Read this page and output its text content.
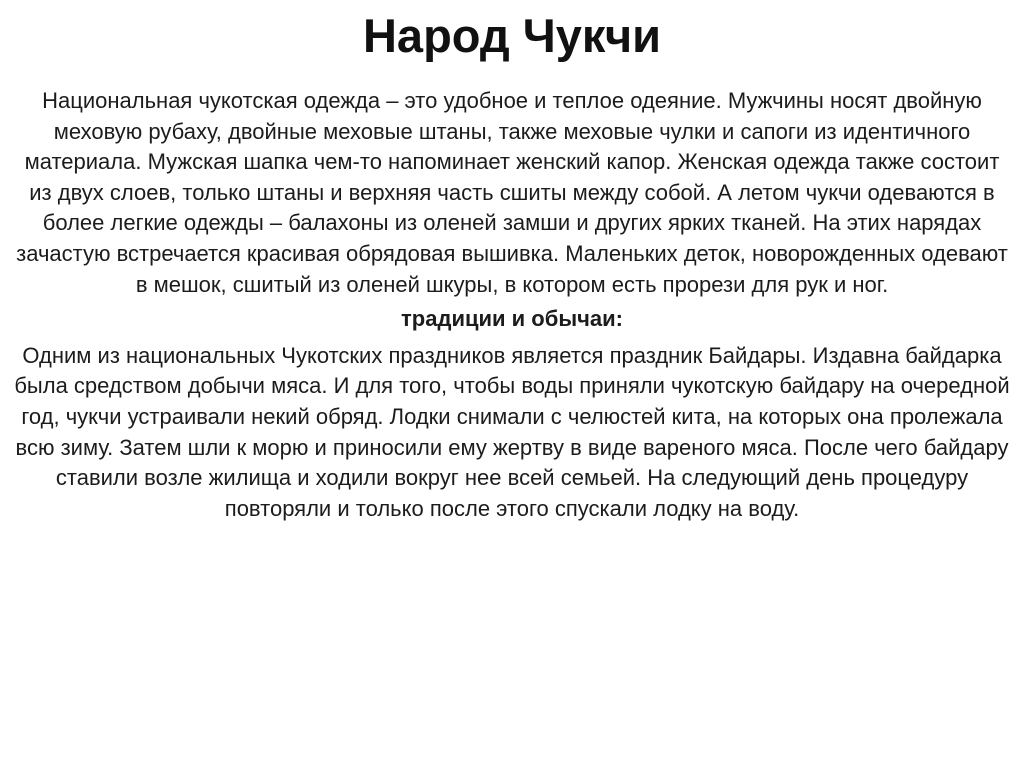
Народ Чукчи

Национальная чукотская одежда – это удобное и теплое одеяние. Мужчины носят двойную меховую рубаху, двойные меховые штаны, также меховые чулки и сапоги из идентичного материала. Мужская шапка чем-то напоминает женский капор. Женская одежда также состоит из двух слоев, только штаны и верхняя часть сшиты между собой. А летом чукчи одеваются в более легкие одежды – балахоны из оленей замши и других ярких тканей. На этих нарядах зачастую встречается красивая обрядовая вышивка. Маленьких деток, новорожденных одевают в мешок, сшитый из оленей шкуры, в котором есть прорези для рук и ног.

традиции и обычаи:

Одним из национальных Чукотских праздников является праздник Байдары. Издавна байдарка была средством добычи мяса. И для того, чтобы воды приняли чукотскую байдару на очередной год, чукчи устраивали некий обряд. Лодки снимали с челюстей кита, на которых она пролежала всю зиму. Затем шли к морю и приносили ему жертву в виде вареного мяса. После чего байдару ставили возле жилища и ходили вокруг нее всей семьей. На следующий день процедуру повторяли и только после этого спускали лодку на воду.
